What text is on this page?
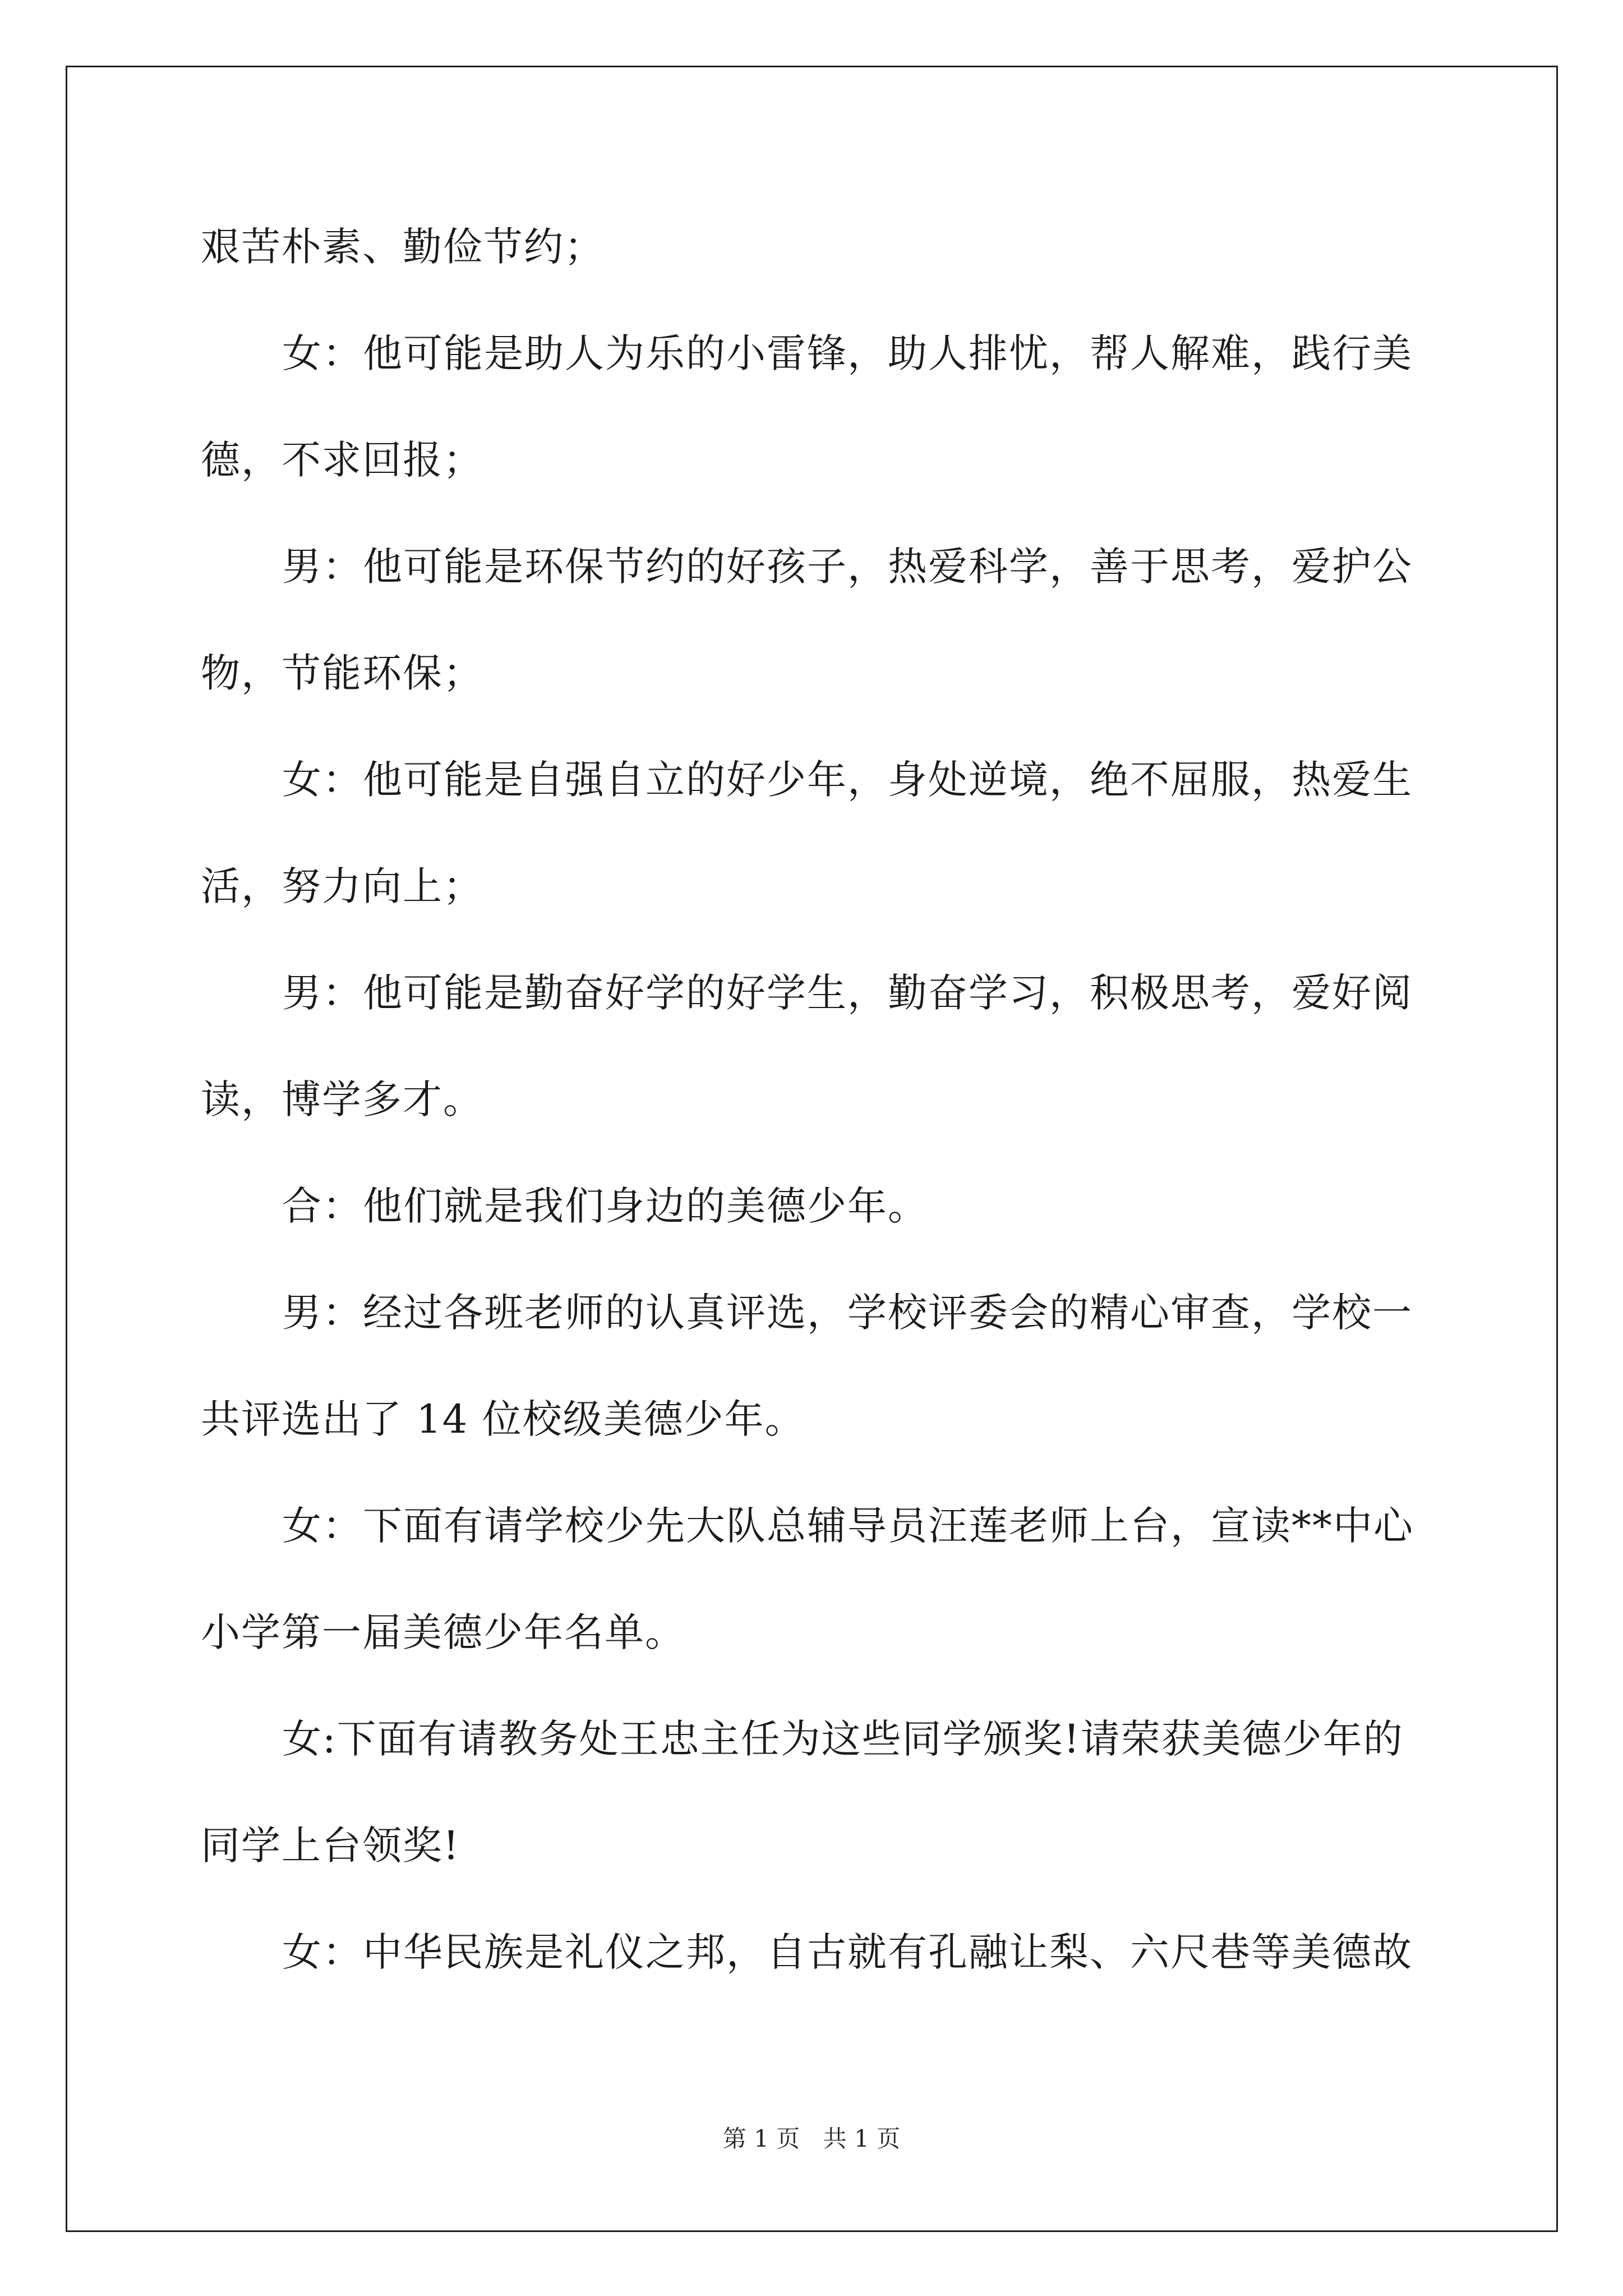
艰苦朴素、勤俭节约；
女：他可能是助人为乐的小雷锋，助人排忧，帮人解难，践行美
德，不求回报；
男：他可能是环保节约的好孩子，热爱科学，善于思考，爱护公
物，节能环保；
女：他可能是自强自立的好少年，身处逆境，绝不屈服，热爱生
活，努力向上；
男：他可能是勤奋好学的好学生，勤奋学习，积极思考，爱好阅
读，博学多才。
合：他们就是我们身边的美德少年。
男：经过各班老师的认真评选，学校评委会的精心审查，学校一
共评选出了 14 位校级美德少年。
女：下面有请学校少先大队总辅导员汪莲老师上台，宣读**中心
小学第一届美德少年名单。
女:下面有请教务处王忠主任为这些同学颁奖!请荣获美德少年的
同学上台领奖!
女：中华民族是礼仪之邦，自古就有孔融让梨、六尺巷等美德故
第 1 页 共 1 页
